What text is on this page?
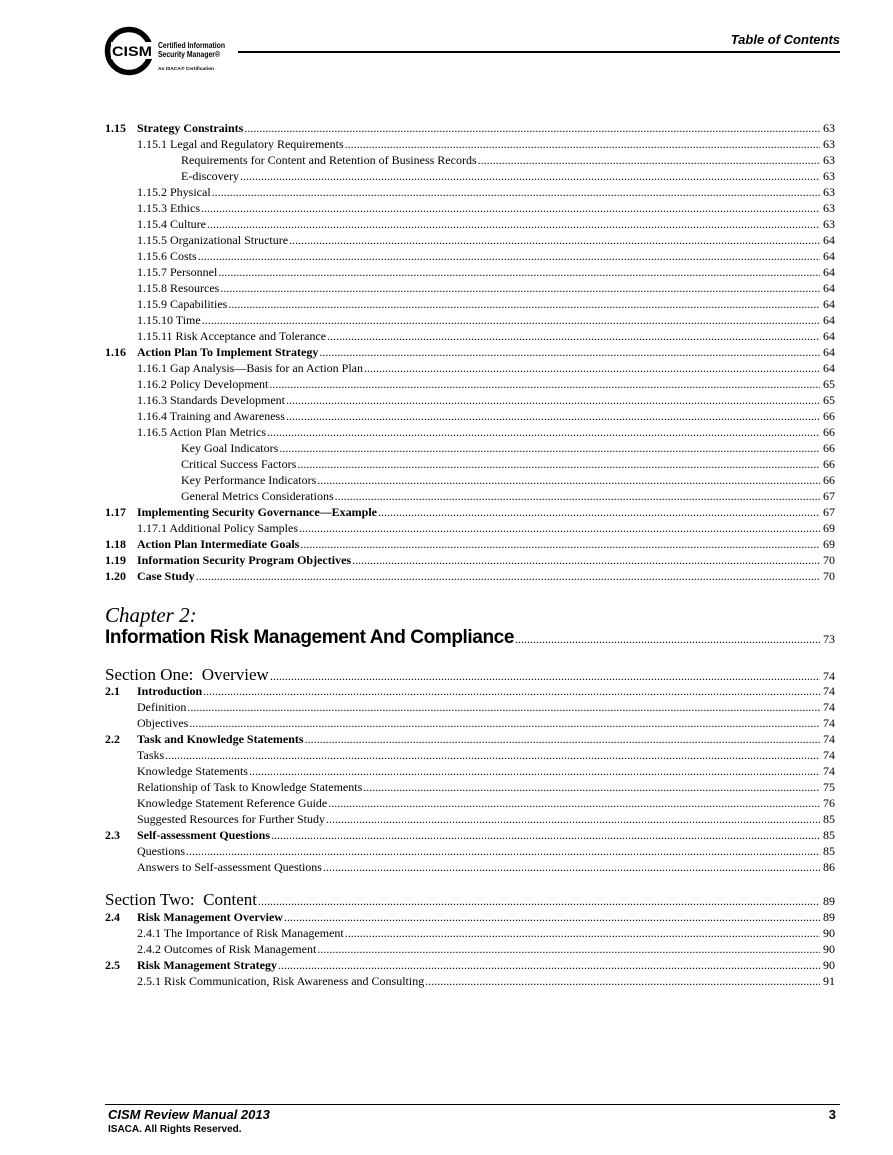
CISM Certified Information
Security Manager®
An ISACA® Certification
Table of Contents
1.15 Strategy Constraints .....	63
1.15.1 Legal and Regulatory Requirements .....	63
Requirements for Content and Retention of Business Records .....	63
E-discovery .....	63
1.15.2 Physical .....	63
1.15.3 Ethics .....	63
1.15.4 Culture .....	63
1.15.5 Organizational Structure .....	64
1.15.6 Costs .....	64
1.15.7 Personnel .....	64
1.15.8 Resources .....	64
1.15.9 Capabilities .....	64
1.15.10 Time .....	64
1.15.11 Risk Acceptance and Tolerance .....	64
1.16 Action Plan To Implement Strategy .....	64
1.16.1 Gap Analysis—Basis for an Action Plan .....	64
1.16.2 Policy Development .....	65
1.16.3 Standards Development .....	65
1.16.4 Training and Awareness .....	66
1.16.5 Action Plan Metrics .....	66
Key Goal Indicators .....	66
Critical Success Factors .....	66
Key Performance Indicators .....	66
General Metrics Considerations .....	67
1.17 Implementing Security Governance—Example .....	67
1.17.1 Additional Policy Samples .....	69
1.18 Action Plan Intermediate Goals .....	69
1.19 Information Security Program Objectives .....	70
1.20 Case Study .....	70
Chapter 2:
Information Risk Management And Compliance .....	73
Section One:  Overview .....	74
2.1	Introduction .....	74
Definition .....	74
Objectives .....	74
2.2	Task and Knowledge Statements .....	74
Tasks .....	74
Knowledge Statements .....	74
Relationship of Task to Knowledge Statements .....	75
Knowledge Statement Reference Guide .....	76
Suggested Resources for Further Study .....	85
2.3	Self-assessment Questions .....	85
Questions .....	85
Answers to Self-assessment Questions .....	86
Section Two:  Content .....	89
2.4	Risk Management Overview .....	89
2.4.1 The Importance of Risk Management .....	90
2.4.2 Outcomes of Risk Management .....	90
2.5	Risk Management Strategy .....	90
2.5.1 Risk Communication, Risk Awareness and Consulting .....	91
CISM Review Manual 2013	3
ISACA. All Rights Reserved.
